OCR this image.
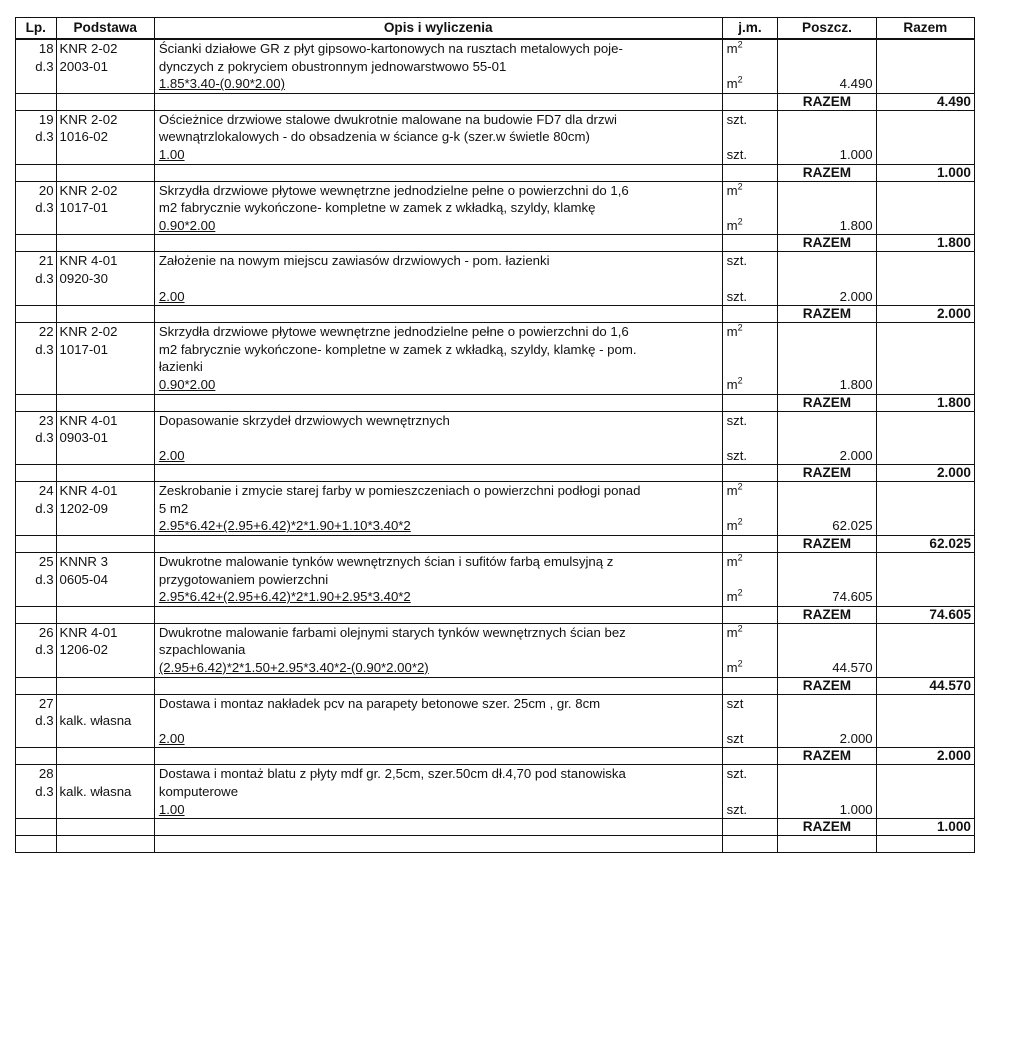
Lp.	Podstawa	Opis i wyliczenia	j.m.	Poszcz.	Razem
18	KNR 2-02	Ścianki działowe GR z płyt gipsowo-kartonowych na rusztach metalowych poje-	$m^2$		
d.3	2003-01	dynczych z pokryciem obustronnym jednowarstwowo 55-01			
		1.85*3.40-(0.90*2.00)	$m^2$	4.490	
				RAZEM	4.490
19	KNR 2-02	Ościeżnice drzwiowe stalowe dwukrotnie malowane na budowie FD7 dla drzwi	szt.		
d.3	1016-02	wewnątrzlokalowych - do obsadzenia w ściance g-k (szer.w świetle 80cm)			
		1.00	szt.	1.000	
				RAZEM	1.000
20	KNR 2-02	Skrzydła drzwiowe płytowe wewnętrzne jednodzielne pełne o powierzchni do 1,6	$m^2$		
d.3	1017-01	m2 fabrycznie wykończone- kompletne w zamek z wkładką, szyldy, klamkę			
		0.90*2.00	$m^2$	1.800	
				RAZEM	1.800
21	KNR 4-01	Założenie na nowym miejscu zawiasów drzwiowych - pom. łazienki	szt.		
d.3	0920-30				
		2.00	szt.	2.000	
				RAZEM	2.000
22	KNR 2-02	Skrzydła drzwiowe płytowe wewnętrzne jednodzielne pełne o powierzchni do 1,6	$m^2$		
d.3	1017-01	m2 fabrycznie wykończone- kompletne w zamek z wkładką, szyldy, klamkę - pom.			
		łazienki			
		0.90*2.00	$m^2$	1.800	
				RAZEM	1.800
23	KNR 4-01	Dopasowanie skrzydeł drzwiowych wewnętrznych	szt.		
d.3	0903-01				
		2.00	szt.	2.000	
				RAZEM	2.000
24	KNR 4-01	Zeskrobanie i zmycie starej farby w pomieszczeniach o powierzchni podłogi ponad	$m^2$		
d.3	1202-09	5 m2			
		2.95*6.42+(2.95+6.42)*2*1.90+1.10*3.40*2	$m^2$	62.025	
				RAZEM	62.025
25	KNNR 3	Dwukrotne malowanie tynków wewnętrznych ścian i sufitów farbą emulsyjną z	$m^2$		
d.3	0605-04	przygotowaniem powierzchni			
		2.95*6.42+(2.95+6.42)*2*1.90+2.95*3.40*2	$m^2$	74.605	
				RAZEM	74.605
26	KNR 4-01	Dwukrotne malowanie farbami olejnymi starych tynków wewnętrznych ścian bez	$m^2$		
d.3	1206-02	szpachlowania			
		(2.95+6.42)*2*1.50+2.95*3.40*2-(0.90*2.00*2)	$m^2$	44.570	
				RAZEM	44.570
27		Dostawa i montaz nakładek pcv na parapety betonowe szer. 25cm , gr. 8cm	szt		
d.3	kalk. własna				
		2.00	szt	2.000	
				RAZEM	2.000
28		Dostawa i montaż blatu z płyty mdf gr. 2,5cm, szer.50cm dł.4,70 pod stanowiska	szt.		
d.3	kalk. własna	komputerowe			
		1.00	szt.	1.000	
				RAZEM	1.000
